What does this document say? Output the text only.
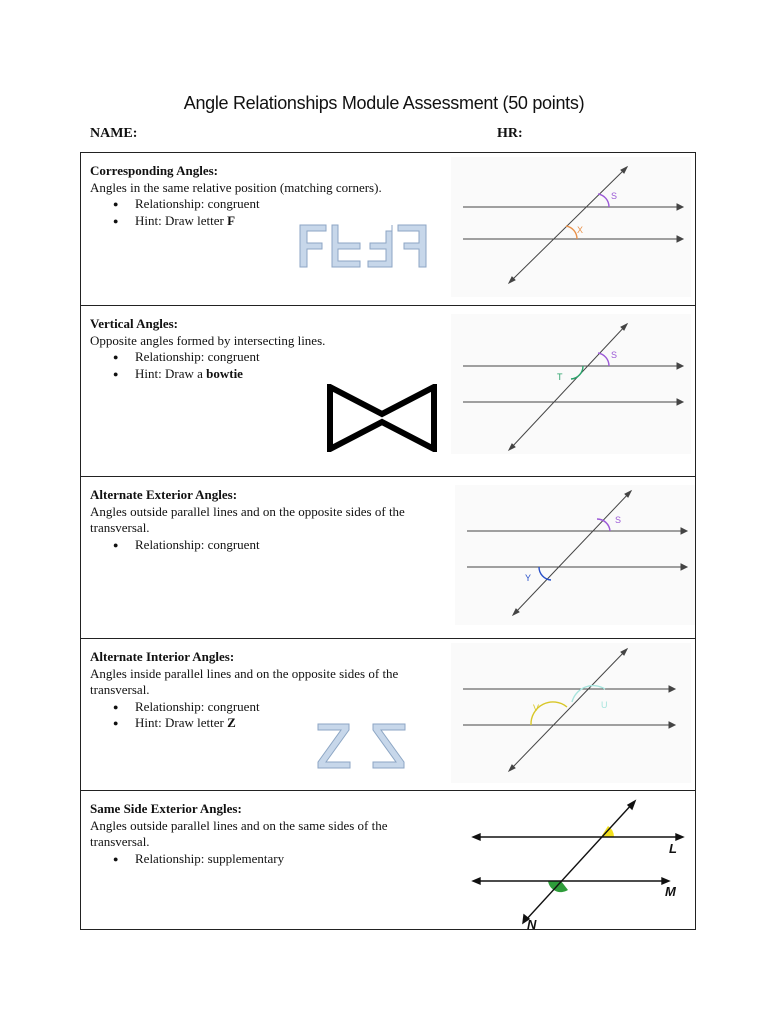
Angle Relationships Module Assessment (50 points)
NAME:	HR:
Corresponding Angles:
Angles in the same relative position (matching corners).
● Relationship: congruent
● Hint: Draw letter F
S
X
Vertical Angles:
Opposite angles formed by intersecting lines.
● Relationship: congruent
● Hint: Draw a bowtie
S
T
Alternate Exterior Angles:
Angles outside parallel lines and on the opposite sides of the transversal.
● Relationship: congruent
S
Y
Alternate Interior Angles:
Angles inside parallel lines and on the opposite sides of the transversal.
● Relationship: congruent
● Hint: Draw letter Z
V	U
Same Side Exterior Angles:
Angles outside parallel lines and on the same sides of the transversal.
● Relationship: supplementary
L
M
N
